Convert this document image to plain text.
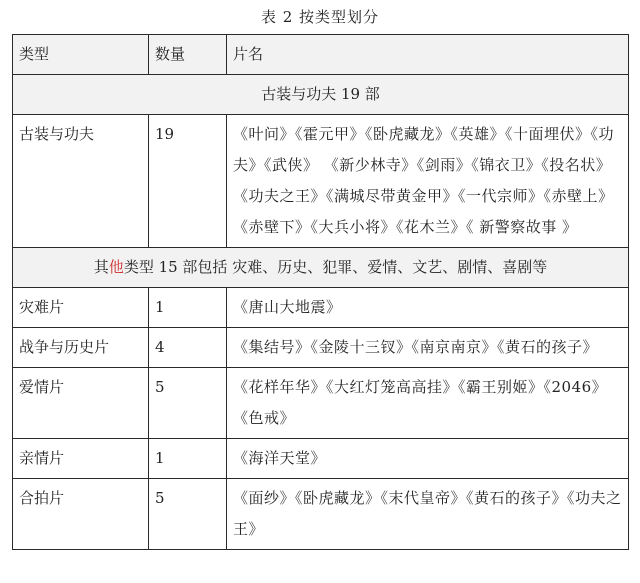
表 2 按类型划分
类型	数量	片名
古装与功夫 19 部		
古装与功夫	19	《叶问》《霍元甲》《卧虎藏龙》《英雄》《十面埋伏》《功夫》《武侠》 《新少林寺》《剑雨》《锦衣卫》《投名状》《功夫之王》《满城尽带黄金甲》《一代宗师》《赤壁上》《赤壁下》《大兵小将》《花木兰》《 新警察故事 》
其他类型 15 部包括 灾难、历史、犯罪、爱情、文艺、剧情、喜剧等		
灾难片	1	《唐山大地震》
战争与历史片	4	《集结号》《金陵十三钗》《南京南京》《黄石的孩子》
爱情片	5	《花样年华》《大红灯笼高高挂》《霸王别姬》《2046》《色戒》
亲情片	1	《海洋天堂》
合拍片	5	《面纱》《卧虎藏龙》《末代皇帝》《黄石的孩子》《功夫之王》
